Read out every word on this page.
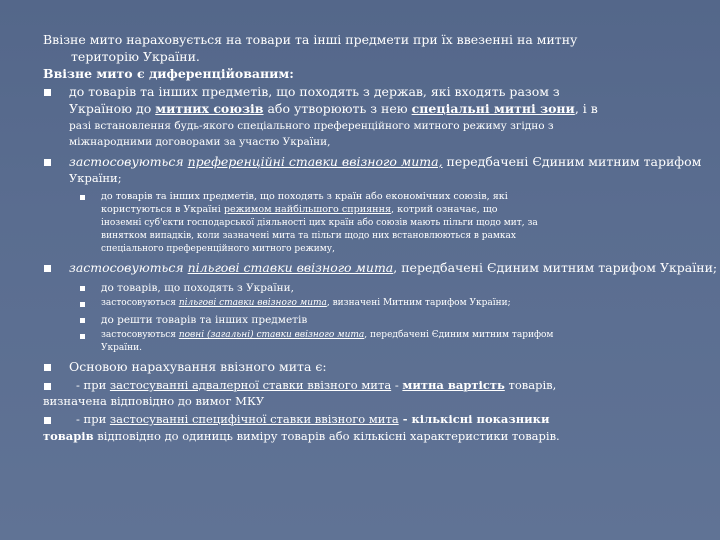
Ввізне мито нараховується на товари та інші предмети при їх ввезенні на митну
територію України.
Ввізне мито є диференційованим:
до товарів та інших предметів, що походять з держав, які входять разом з
Україною до митних союзів або утворюють з нею спеціальні митні зони, і в
разі встановлення будь-якого спеціального преференційного митного режиму згідно з
міжнародними договорами за участю України,
застосовуються преференційні ставки ввізного мита, передбачені Єдиним митним тарифом
України;
до товарів та інших предметів, що походять з країн або економічних союзів, які
користуються в Україні режимом найбільшого сприяння, котрий означає, що
іноземні суб'єкти господарської діяльності цих країн або союзів мають пільги щодо мит, за
винятком випадків, коли зазначені мита та пільги щодо них встановлюються в рамках
спеціального преференційного митного режиму,
застосовуються пільгові ставки ввізного мита, передбачені Єдиним митним тарифом України;
до товарів, що походять з України,
застосовуються пільгові ставки ввізного мита, визначені Митним тарифом України;
до решти товарів та інших предметів
застосовуються повні (загальні) ставки ввізного мита, передбачені Єдиним митним тарифом
України.
Основою нарахування ввізного мита є:
- при застосуванні адвалерної ставки ввізного мита - митна вартість товарів,
визначена відповідно до вимог МКУ
- при застосуванні специфічної ставки ввізного мита - кількісні показники
товарів відповідно до одиниць виміру товарів або кількісні характеристики товарів.
